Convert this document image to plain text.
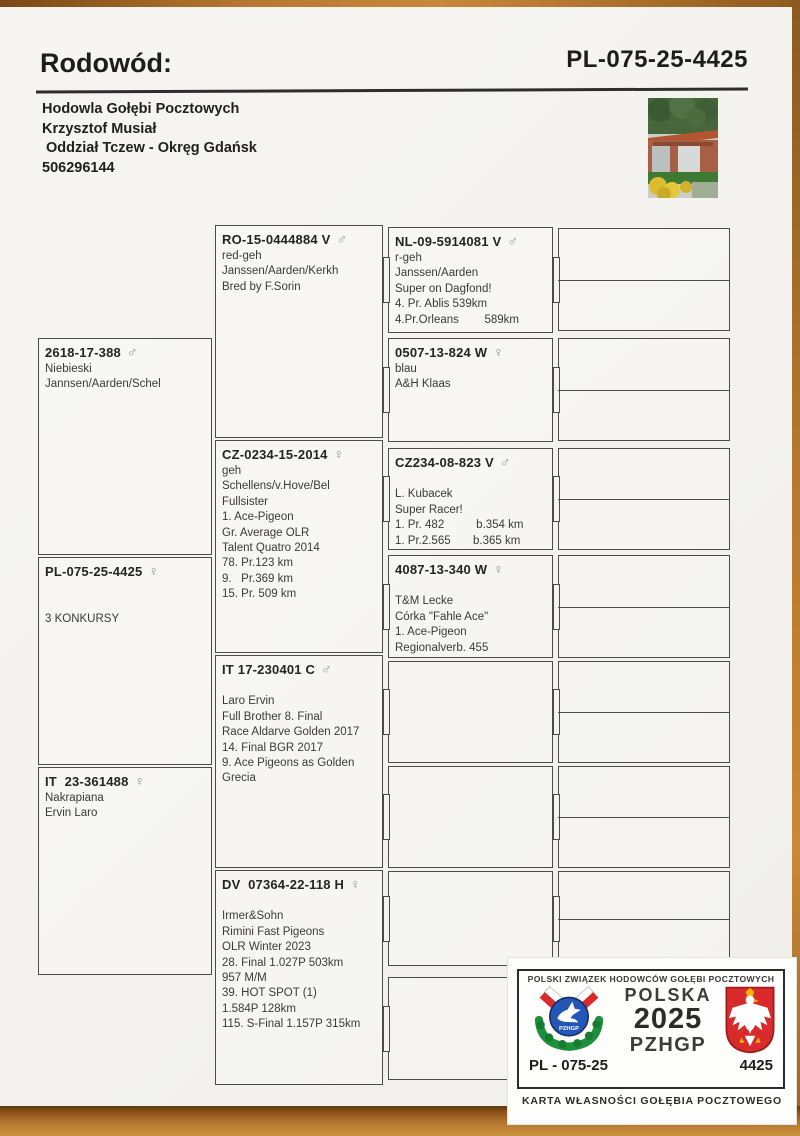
Rodowód:	PL-075-25-4425
Hodowla Gołębi Pocztowych
Krzysztof Musiał
Oddział Tczew - Okręg Gdańsk
506296144
2618-17-388 ♂
Niebieski
Jannsen/Aarden/Schel
PL-075-25-4425 ♀
3 KONKURSY
IT  23-361488 ♀
Nakrapiana
Ervin Laro
RO-15-0444884 V ♂
red-geh
Janssen/Aarden/Kerkh
Bred by F.Sorin
CZ-0234-15-2014 ♀
geh
Schellens/v.Hove/Bel
Fullsister
1. Ace-Pigeon
Gr. Average OLR
Talent Quatro 2014
78. Pr.123 km
9.   Pr.369 km
15. Pr. 509 km
IT 17-230401 C ♂
Laro Ervin
Full Brother 8. Final
Race Aldarve Golden 2017
14. Final BGR 2017
9. Ace Pigeons as Golden
Grecia
DV  07364-22-118 H ♀
Irmer&Sohn
Rimini Fast Pigeons
OLR Winter 2023
28. Final 1.027P 503km
957 M/M
39. HOT SPOT (1)
1.584P 128km
115. S-Final 1.157P 315km
NL-09-5914081 V ♂
r-geh
Janssen/Aarden
Super on Dagfond!
4. Pr. Ablis 539km
4.Pr.Orleans        589km
0507-13-824 W ♀
blau
A&H Klaas
CZ234-08-823 V ♂
L. Kubacek
Super Racer!
1. Pr. 482          b.354 km
1. Pr.2.565       b.365 km
4087-13-340 W ♀
T&M Lecke
Córka "Fahle Ace"
1. Ace-Pigeon
Regionalverb. 455
POLSKI ZWIĄZEK HODOWCÓW GOŁĘBI POCZTOWYCH
PZHGP
POLSKA
2025
PZHGP
PL - 075-25	4425
KARTA WŁASNOŚCI GOŁĘBIA POCZTOWEGO
